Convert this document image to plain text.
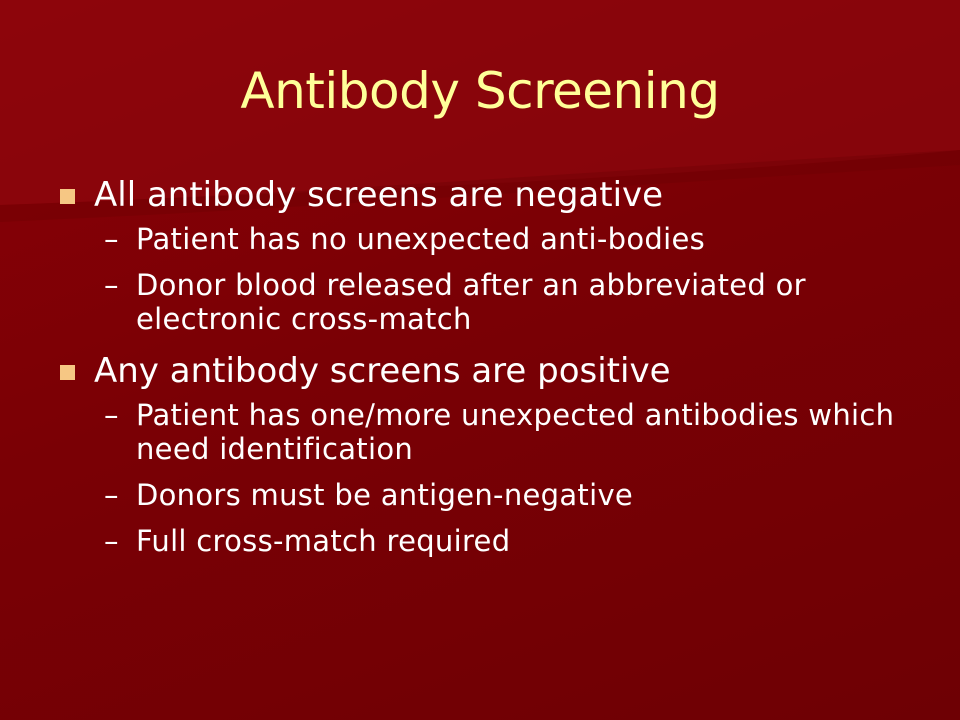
Antibody Screening
All antibody screens are negative
– Patient has no unexpected anti-bodies
– Donor blood released after an abbreviated or electronic cross-match
Any antibody screens are positive
– Patient has one/more unexpected antibodies which need identification
– Donors must be antigen-negative
– Full cross-match required
